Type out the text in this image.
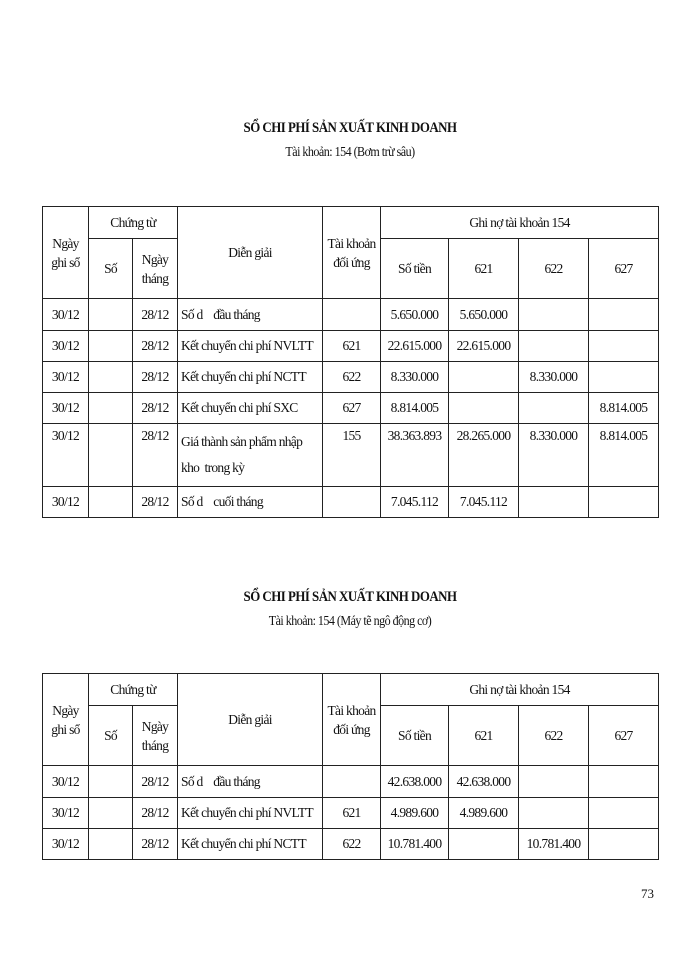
SỔ CHI PHÍ SẢN XUẤT KINH DOANH
Tài khoản: 154 (Bơm trừ sâu)
Ngày
ghi sổ	Chứng từ		Diễn giải	Tài khoản
đối ứng	Ghi nợ tài khoản 154			
	Số	Ngày
tháng			Số tiền	621	622	627
30/12		28/12	Số d    đầu tháng		5.650.000	5.650.000		
30/12		28/12	Kết chuyển chi phí NVLTT	621	22.615.000	22.615.000		
30/12		28/12	Kết chuyển chi phí NCTT	622	8.330.000		8.330.000	
30/12		28/12	Kết chuyển chi phí SXC	627	8.814.005			8.814.005
30/12		28/12	Giá thành sản phẩm nhập
kho  trong kỳ	155	38.363.893	28.265.000	8.330.000	8.814.005
30/12		28/12	Số d    cuối tháng		7.045.112	7.045.112		
SỔ CHI PHÍ SẢN XUẤT KINH DOANH
Tài khoản: 154 (Máy tẽ ngô động cơ)
Ngày
ghi sổ	Chứng từ		Diễn giải	Tài khoản
đối ứng	Ghi nợ tài khoản 154			
	Số	Ngày
tháng			Số tiền	621	622	627
30/12		28/12	Số d    đầu tháng		42.638.000	42.638.000		
30/12		28/12	Kết chuyển chi phí NVLTT	621	4.989.600	4.989.600		
30/12		28/12	Kết chuyển chi phí NCTT	622	10.781.400		10.781.400	
73
